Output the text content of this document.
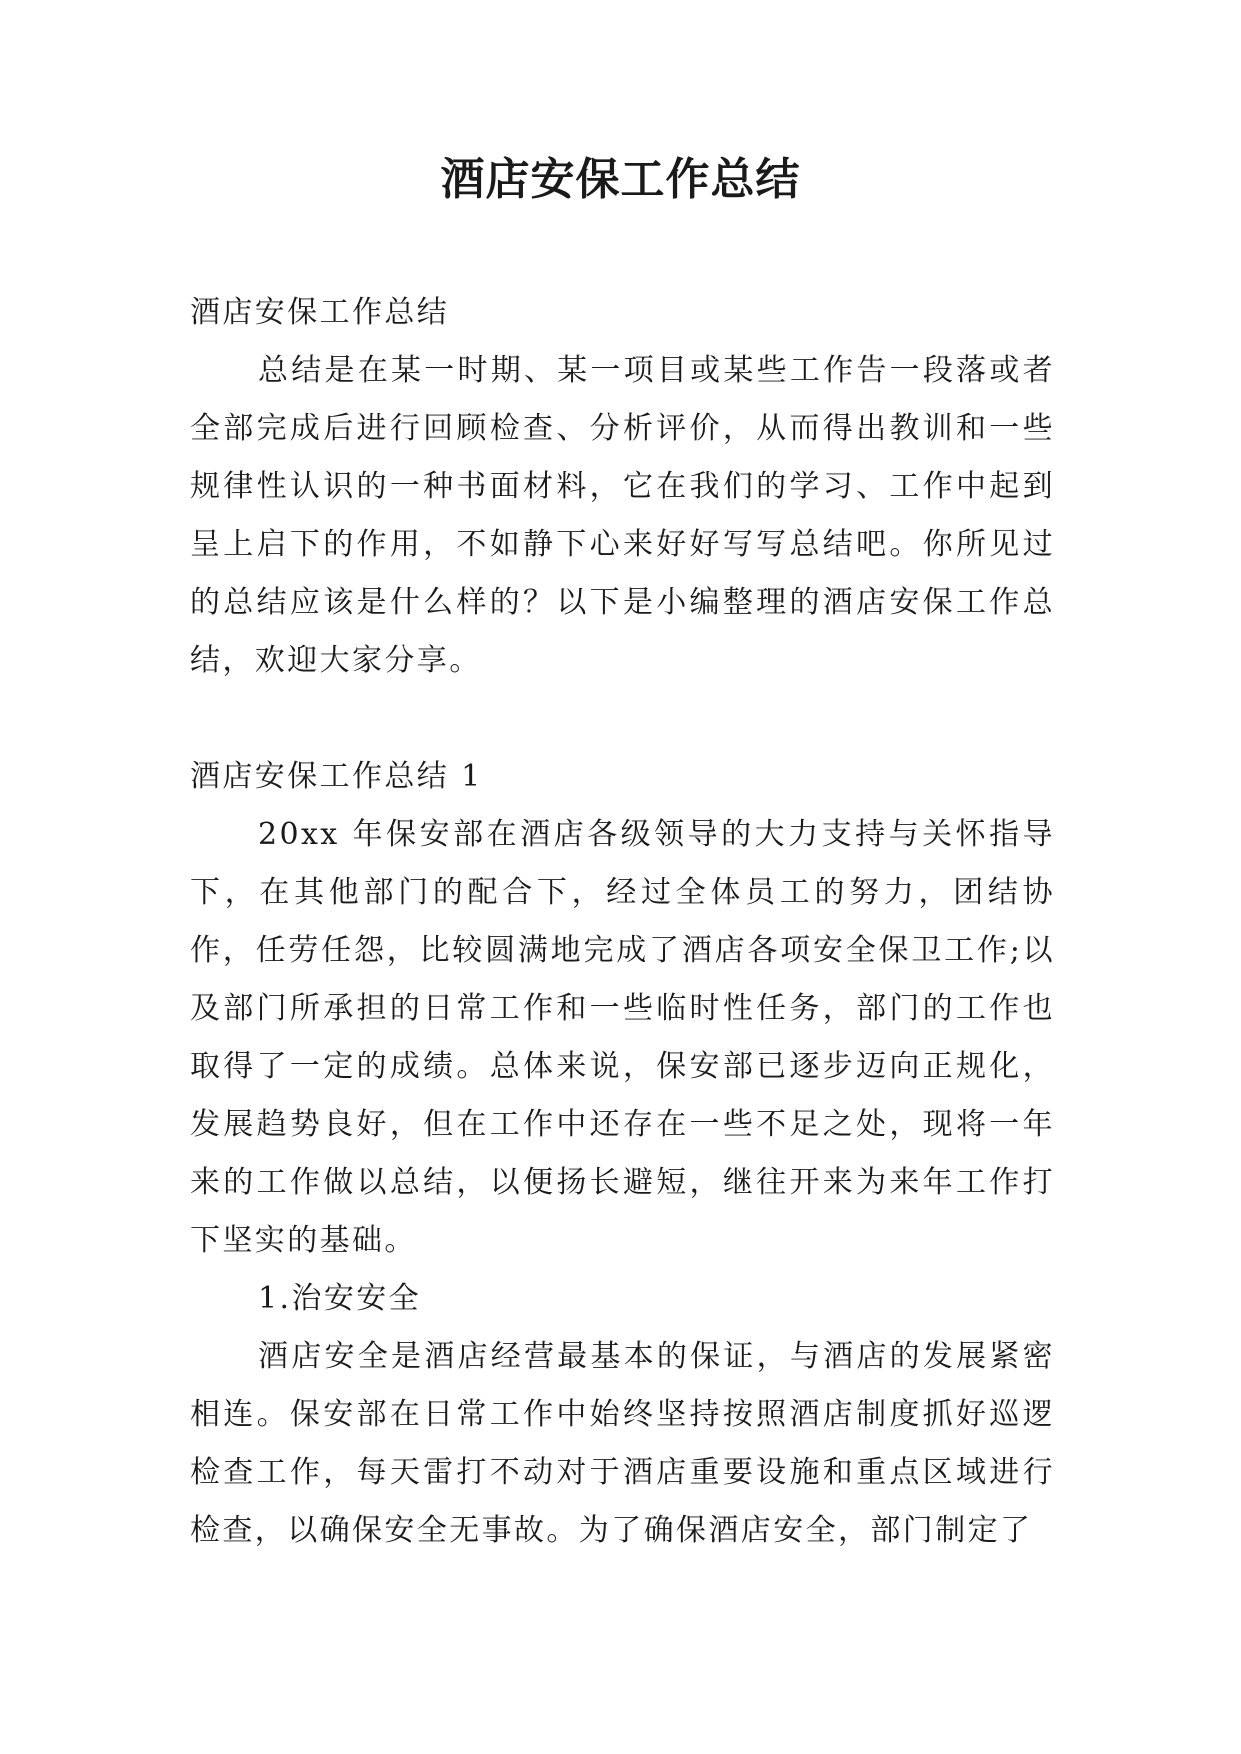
酒店安保工作总结

酒店安保工作总结

总结是在某一时期、某一项目或某些工作告一段落或者全部完成后进行回顾检查、分析评价，从而得出教训和一些规律性认识的一种书面材料，它在我们的学习、工作中起到呈上启下的作用，不如静下心来好好写写总结吧。你所见过的总结应该是什么样的？以下是小编整理的酒店安保工作总结，欢迎大家分享。

酒店安保工作总结 1

20xx 年保安部在酒店各级领导的大力支持与关怀指导下，在其他部门的配合下，经过全体员工的努力，团结协作，任劳任怨，比较圆满地完成了酒店各项安全保卫工作;以及部门所承担的日常工作和一些临时性任务，部门的工作也取得了一定的成绩。总体来说，保安部已逐步迈向正规化，发展趋势良好，但在工作中还存在一些不足之处，现将一年来的工作做以总结，以便扬长避短，继往开来为来年工作打下坚实的基础。

1.治安安全

酒店安全是酒店经营最基本的保证，与酒店的发展紧密相连。保安部在日常工作中始终坚持按照酒店制度抓好巡逻检查工作，每天雷打不动对于酒店重要设施和重点区域进行检查，以确保安全无事故。为了确保酒店安全，部门制定了
